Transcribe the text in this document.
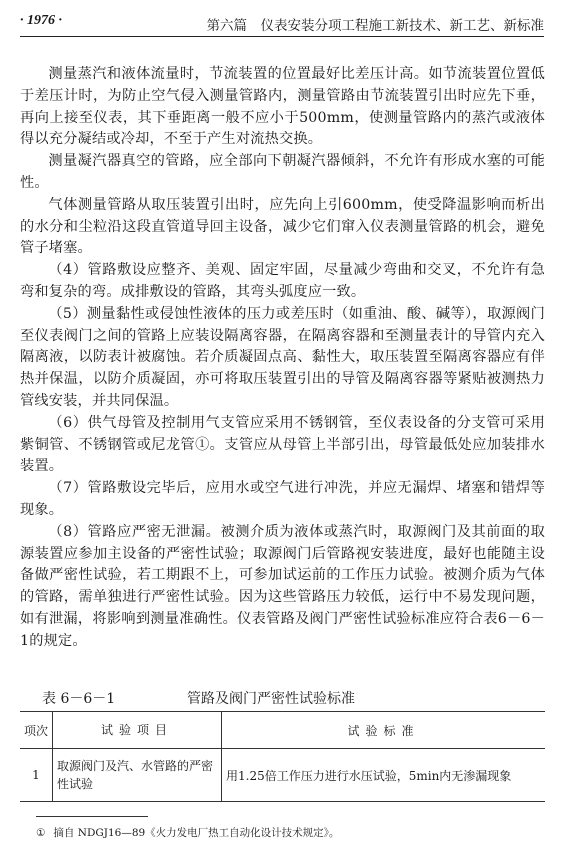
· 1976 ·	第六篇　仪表安装分项工程施工新技术、新工艺、新标准

测量蒸汽和液体流量时，节流装置的位置最好比差压计高。如节流装置位置低于差压计时，为防止空气侵入测量管路内，测量管路由节流装置引出时应先下垂，再向上接至仪表，其下垂距离一般不应小于500mm，使测量管路内的蒸汽或液体得以充分凝结或冷却，不至于产生对流热交换。

测量凝汽器真空的管路，应全部向下朝凝汽器倾斜，不允许有形成水塞的可能性。

气体测量管路从取压装置引出时，应先向上引600mm，使受降温影响而析出的水分和尘粒沿这段直管道导回主设备，减少它们窜入仪表测量管路的机会，避免管子堵塞。

（4）管路敷设应整齐、美观、固定牢固，尽量减少弯曲和交叉，不允许有急弯和复杂的弯。成排敷设的管路，其弯头弧度应一致。

（5）测量黏性或侵蚀性液体的压力或差压时（如重油、酸、碱等），取源阀门至仪表阀门之间的管路上应装设隔离容器，在隔离容器和至测量表计的导管内充入隔离液，以防表计被腐蚀。若介质凝固点高、黏性大，取压装置至隔离容器应有伴热并保温，以防介质凝固，亦可将取压装置引出的导管及隔离容器等紧贴被测热力管线安装，并共同保温。

（6）供气母管及控制用气支管应采用不锈钢管，至仪表设备的分支管可采用紫铜管、不锈钢管或尼龙管①。支管应从母管上半部引出，母管最低处应加装排水装置。

（7）管路敷设完毕后，应用水或空气进行冲洗，并应无漏焊、堵塞和错焊等现象。

（8）管路应严密无泄漏。被测介质为液体或蒸汽时，取源阀门及其前面的取源装置应参加主设备的严密性试验；取源阀门后管路视安装进度，最好也能随主设备做严密性试验，若工期跟不上，可参加试运前的工作压力试验。被测介质为气体的管路，需单独进行严密性试验。因为这些管路压力较低，运行中不易发现问题，如有泄漏，将影响到测量准确性。仪表管路及阀门严密性试验标准应符合表6－6－1的规定。

表 6－6－1	管路及阀门严密性试验标准
项次	试验项目	试验标准
1	取源阀门及汽、水管路的严密性试验	用1.25倍工作压力进行水压试验，5min内无渗漏现象
① 摘自 NDGJ16—89《火力发电厂热工自动化设计技术规定》。
